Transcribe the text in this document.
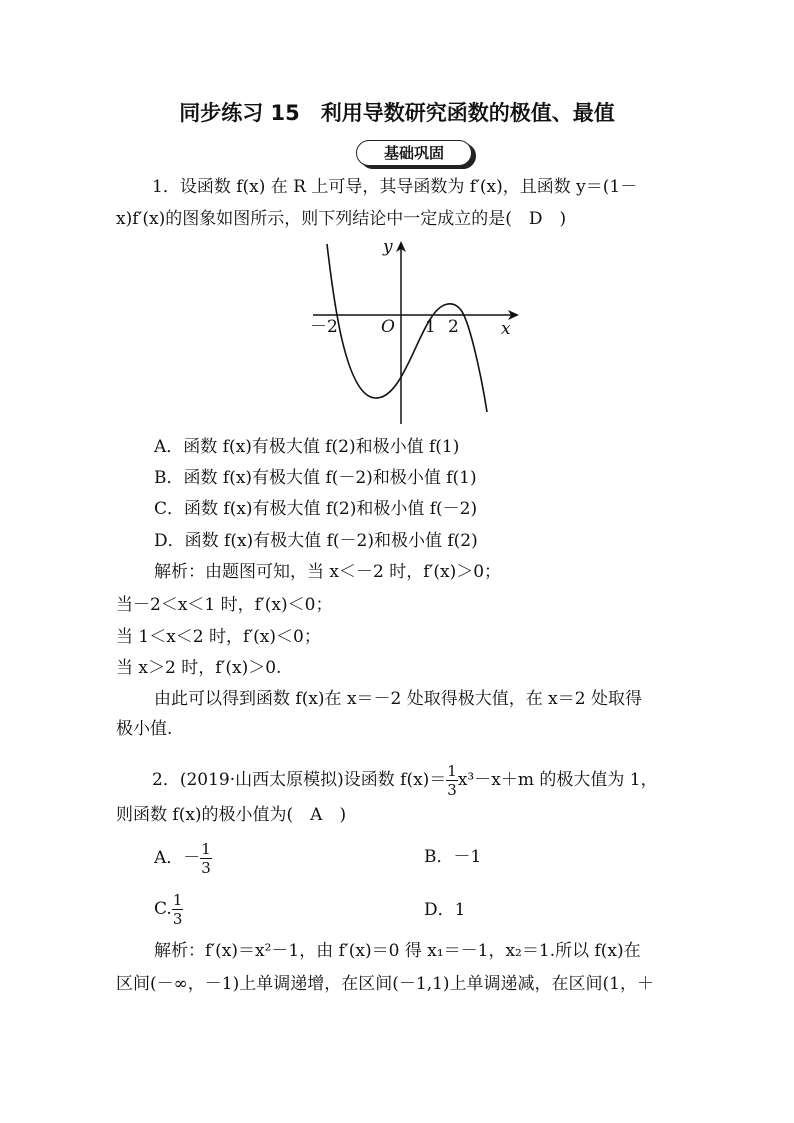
同步练习 15　利用导数研究函数的极值、最值
基础巩固
1．设函数 f(x) 在 R 上可导，其导函数为 f′(x)，且函数 y＝(1－
x)f′(x)的图象如图所示，则下列结论中一定成立的是(　D　)
y
x
O
－2	1 2
A．函数 f(x)有极大值 f(2)和极小值 f(1)
B．函数 f(x)有极大值 f(－2)和极小值 f(1)
C．函数 f(x)有极大值 f(2)和极小值 f(－2)
D．函数 f(x)有极大值 f(－2)和极小值 f(2)
解析：由题图可知，当 x＜－2 时，f′(x)＞0；
当－2＜x＜1 时，f′(x)＜0；
当 1＜x＜2 时，f′(x)＜0；
当 x＞2 时，f′(x)＞0.
由此可以得到函数 f(x)在 x＝－2 处取得极大值，在 x＝2 处取得
极小值.
2．(2019·山西太原模拟)设函数 $f(x)= \frac{1}{3} x^3-x+m$ 的极大值为 1，
则函数 f(x)的极小值为(　A　)
A．－ $\frac{1}{3}$	B．－1
C. $\frac{1}{3}$	D．1
解析：f′(x)＝x²－1，由 f′(x)＝0 得 x₁＝－1，x₂＝1.所以 f(x)在
区间(－∞，－1)上单调递增，在区间(－1,1)上单调递减，在区间(1，＋
